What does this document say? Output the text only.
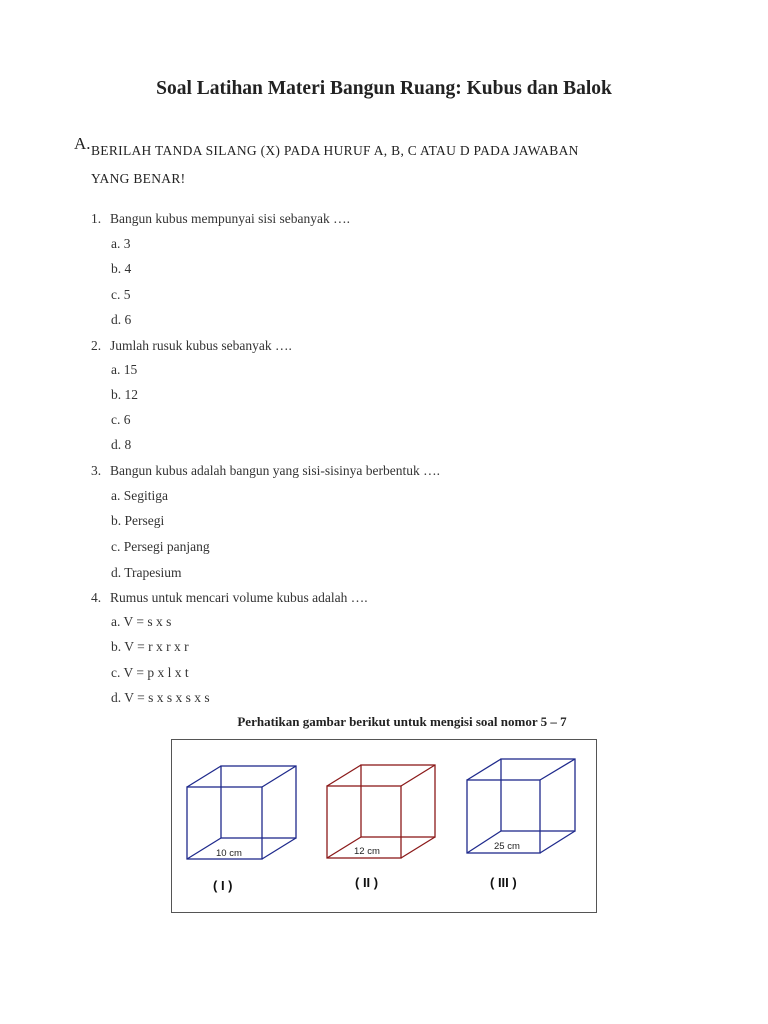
Soal Latihan Materi Bangun Ruang: Kubus dan Balok
A. BERILAH TANDA SILANG (X) PADA HURUF A, B, C ATAU D PADA JAWABAN
YANG BENAR!
1. Bangun kubus mempunyai sisi sebanyak ….
a. 3
b. 4
c. 5
d. 6
2. Jumlah rusuk kubus sebanyak ….
a. 15
b. 12
c. 6
d. 8
3. Bangun kubus adalah bangun yang sisi-sisinya berbentuk ….
a. Segitiga
b. Persegi
c. Persegi panjang
d. Trapesium
4. Rumus untuk mencari volume kubus adalah ….
a. V = s x s
b. V = r x r x r
c. V = p x l x t
d. V = s x s x s x s
Perhatikan gambar berikut untuk mengisi soal nomor 5 – 7
10 cm	12 cm	25 cm
( I )	( II )	( III )
